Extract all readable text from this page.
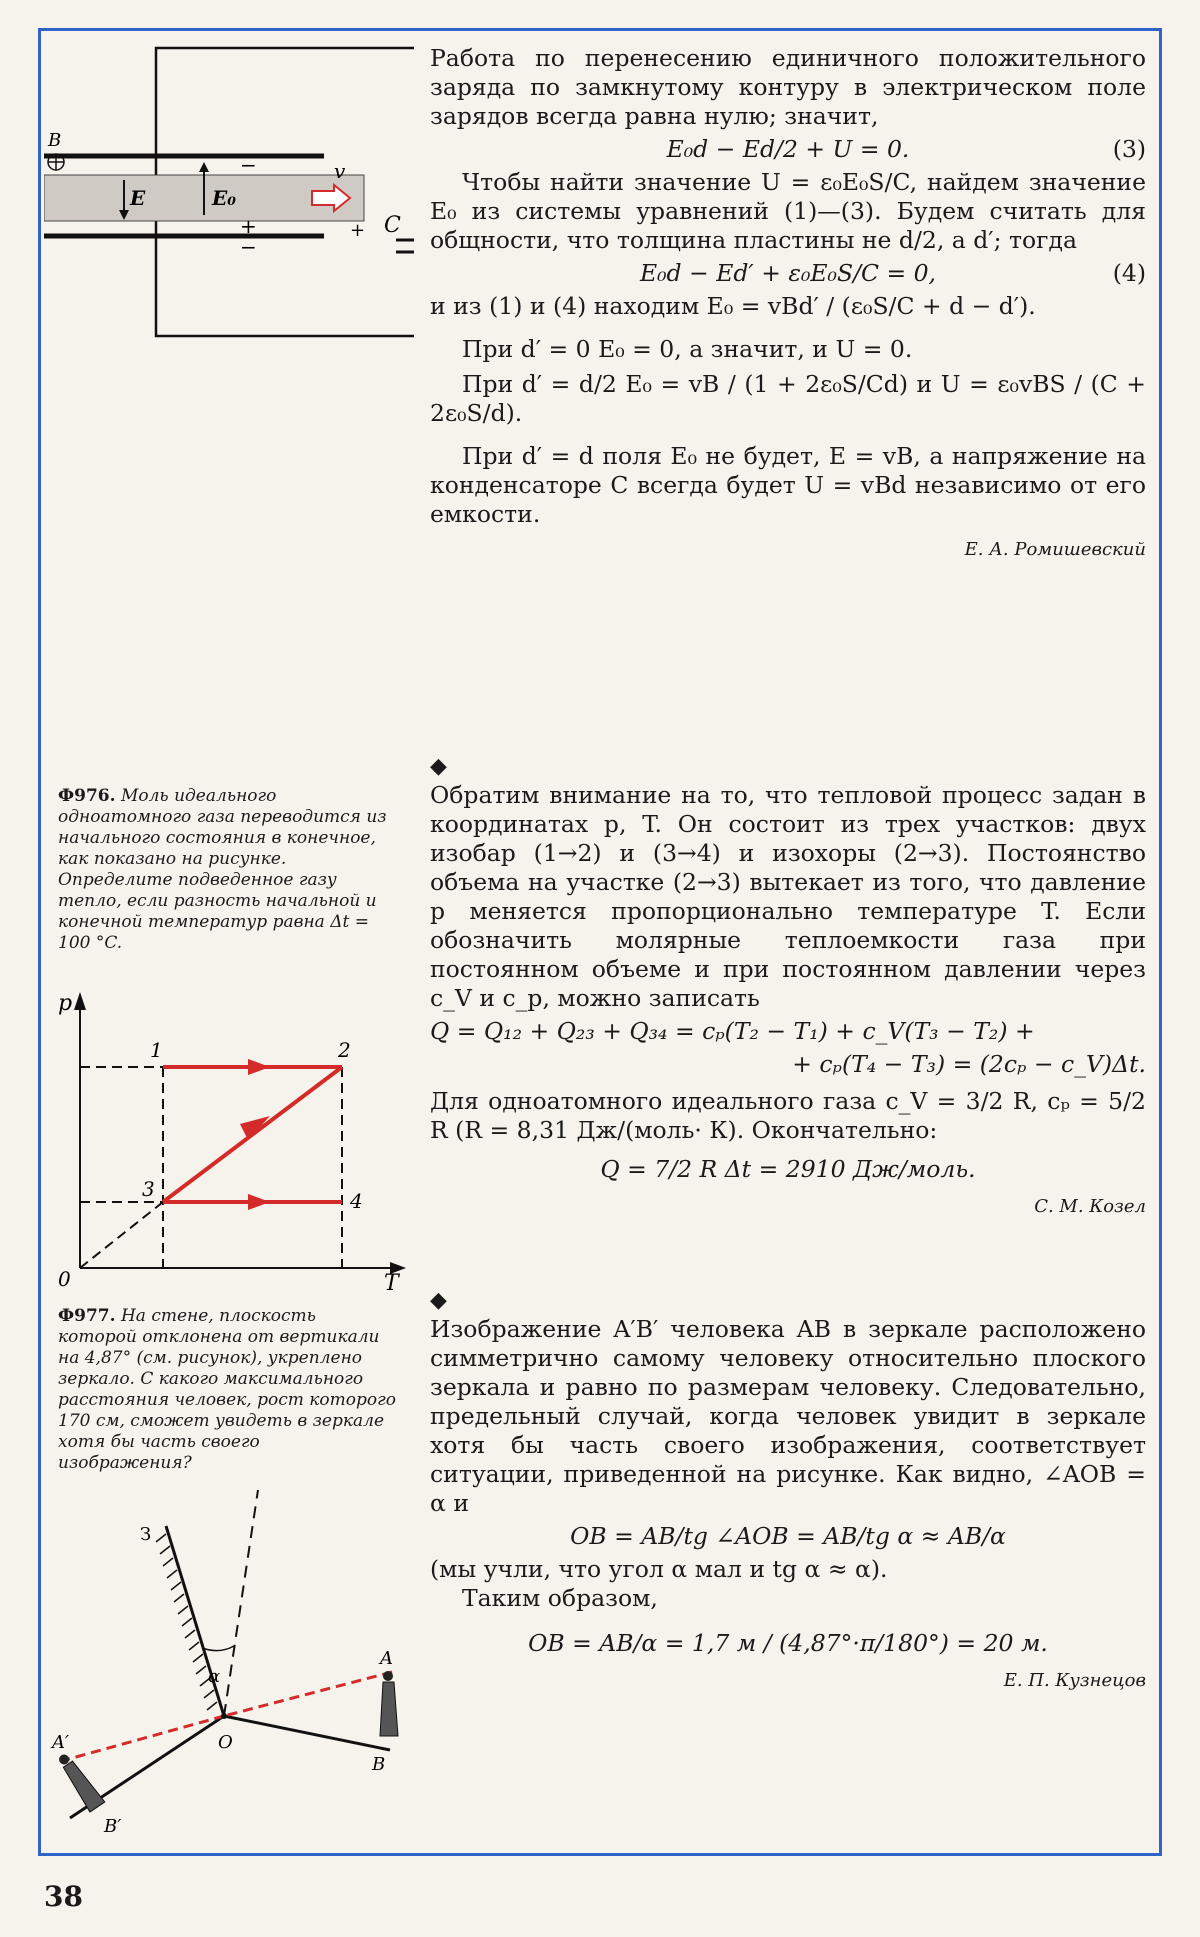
E	E₀
B
−
+
−
v
+ C

Работа по перенесению единичного положительного заряда по замкнутому контуру в электрическом поле зарядов всегда равна нулю; значит,

E₀d − Ed/2 + U = 0.	(3)

Чтобы найти значение U = ε₀E₀S/C, найдем значение E₀ из системы уравнений (1)—(3). Будем считать для общности, что толщина пластины не d/2, а d′; тогда

E₀d − Ed′ + ε₀E₀S/C = 0,	(4)

и из (1) и (4) находим E₀ = vBd′ / (ε₀S/C + d − d′).

При d′ = 0 E₀ = 0, а значит, и U = 0.

При d′ = d/2 E₀ = vB / (1 + 2ε₀S/Cd) и U = ε₀vBS / (C + 2ε₀S/d).

При d′ = d поля E₀ не будет, E = vB, а напряжение на конденсаторе C всегда будет U = vBd независимо от его емкости.

Е. А. Ромишевский
Ф976. Моль идеального одноатомного газа переводится из начального состояния в конечное, как показано на рисунке. Определите подведенное газу тепло, если разность начальной и конечной температур равна Δt = 100 °C.
p
T
0
1	2
3	4

◆

Обратим внимание на то, что тепловой процесс задан в координатах p, T. Он состоит из трех участков: двух изобар (1→2) и (3→4) и изохоры (2→3). Постоянство объема на участке (2→3) вытекает из того, что давление p меняется пропорционально температуре T. Если обозначить молярные теплоемкости газа при постоянном объеме и при постоянном давлении через c_V и c_p, можно записать

Q = Q₁₂ + Q₂₃ + Q₃₄ = cₚ(T₂ − T₁) + c_V(T₃ − T₂) +
+ cₚ(T₄ − T₃) = (2cₚ − c_V)Δt.

Для одноатомного идеального газа c_V = 3/2 R, cₚ = 5/2 R (R = 8,31 Дж/(моль· К). Окончательно:

Q = 7/2 R Δt = 2910 Дж/моль.
С. М. Козел
Ф977. На стене, плоскость которой отклонена от вертикали на 4,87° (см. рисунок), укреплено зеркало. С какого максимального расстояния человек, рост которого 170 см, сможет увидеть в зеркале хотя бы часть своего изображения?
α
З
O
A
B
A′
B′

◆

Изображение A′B′ человека AB в зеркале расположено симметрично самому человеку относительно плоского зеркала и равно по размерам человеку. Следовательно, предельный случай, когда человек увидит в зеркале хотя бы часть своего изображения, соответствует ситуации, приведенной на рисунке. Как видно, ∠AOB = α и

OB = AB/tg ∠AOB = AB/tg α ≈ AB/α

(мы учли, что угол α мал и tg α ≈ α).

Таким образом,

OB = AB/α = 1,7 м / (4,87°·π/180°) = 20 м.
Е. П. Кузнецов
38
